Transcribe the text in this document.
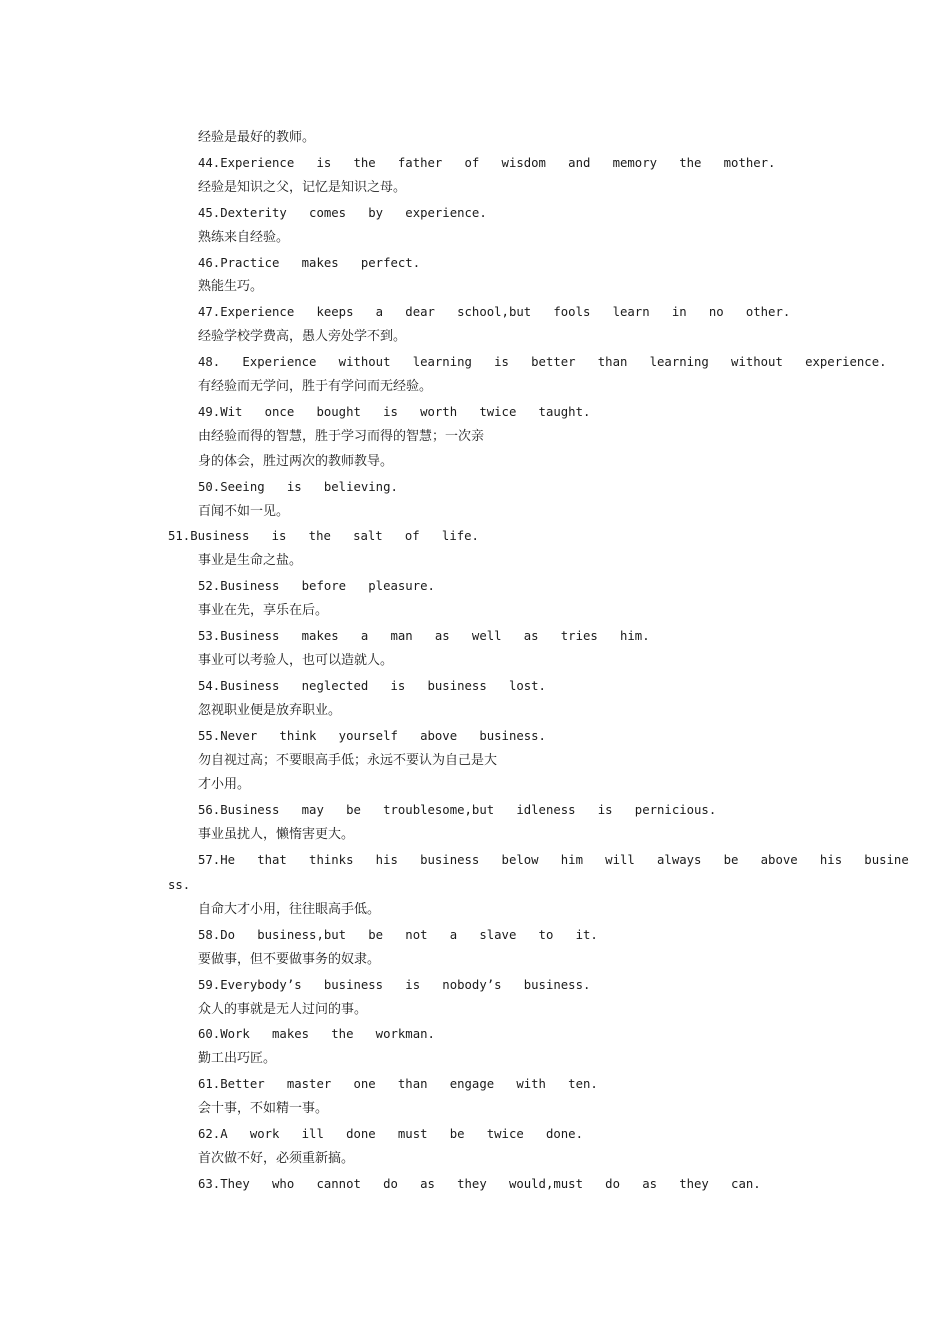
经验是最好的教师。
44.Experience   is   the   father   of   wisdom   and   memory   the   mother.
经验是知识之父，记忆是知识之母。
45.Dexterity   comes   by   experience.
熟练来自经验。
46.Practice   makes   perfect.
熟能生巧。
47.Experience   keeps   a   dear   school,but   fools   learn   in   no   other.
经验学校学费高，愚人旁处学不到。
48.   Experience   without   learning   is   better   than   learning   without   experience.
有经验而无学问，胜于有学问而无经验。
49.Wit   once   bought   is   worth   twice   taught.
由经验而得的智慧，胜于学习而得的智慧；一次亲
身的体会，胜过两次的教师教导。
50.Seeing   is   believing.
百闻不如一见。
51.Business   is   the   salt   of   life.
事业是生命之盐。
52.Business   before   pleasure.
事业在先，享乐在后。
53.Business   makes   a   man   as   well   as   tries   him.
事业可以考验人，也可以造就人。
54.Business   neglected   is   business   lost.
忽视职业便是放弃职业。
55.Never   think   yourself   above   business.
勿自视过高；不要眼高手低；永远不要认为自己是大
才小用。
56.Business   may   be   troublesome,but   idleness   is   pernicious.
事业虽扰人，懒惰害更大。
57.He   that   thinks   his   business   below   him   will   always   be   above   his   busine
ss.
自命大才小用，往往眼高手低。
58.Do   business,but   be   not   a   slave   to   it.
要做事，但不要做事务的奴隶。
59.Everybody’s   business   is   nobody’s   business.
众人的事就是无人过问的事。
60.Work   makes   the   workman.
勤工出巧匠。
61.Better   master   one   than   engage   with   ten.
会十事，不如精一事。
62.A   work   ill   done   must   be   twice   done.
首次做不好，必须重新搞。
63.They   who   cannot   do   as   they   would,must   do   as   they   can.
